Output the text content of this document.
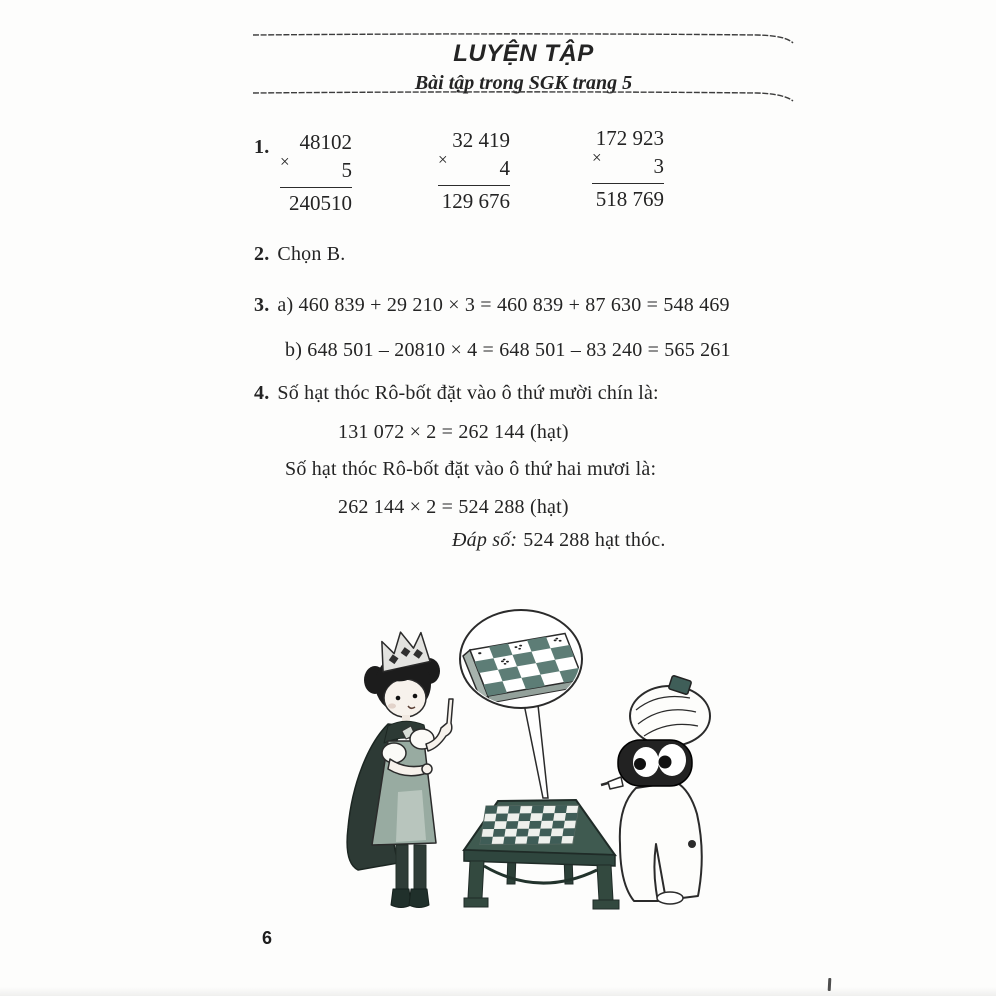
LUYỆN TẬP
Bài tập trong SGK trang 5
1.
×
48102
5
240510
×
32 419
4
129 676
×
172 923
3
518 769
2. Chọn B.
3. a) 460 839 + 29 210 × 3 = 460 839 + 87 630 = 548 469
b) 648 501 – 20810 × 4 = 648 501 – 83 240 = 565 261
4. Số hạt thóc Rô-bốt đặt vào ô thứ mười chín là:
131 072 × 2 = 262 144 (hạt)
Số hạt thóc Rô-bốt đặt vào ô thứ hai mươi là:
262 144 × 2 = 524 288 (hạt)
Đáp số: 524 288 hạt thóc.
6
